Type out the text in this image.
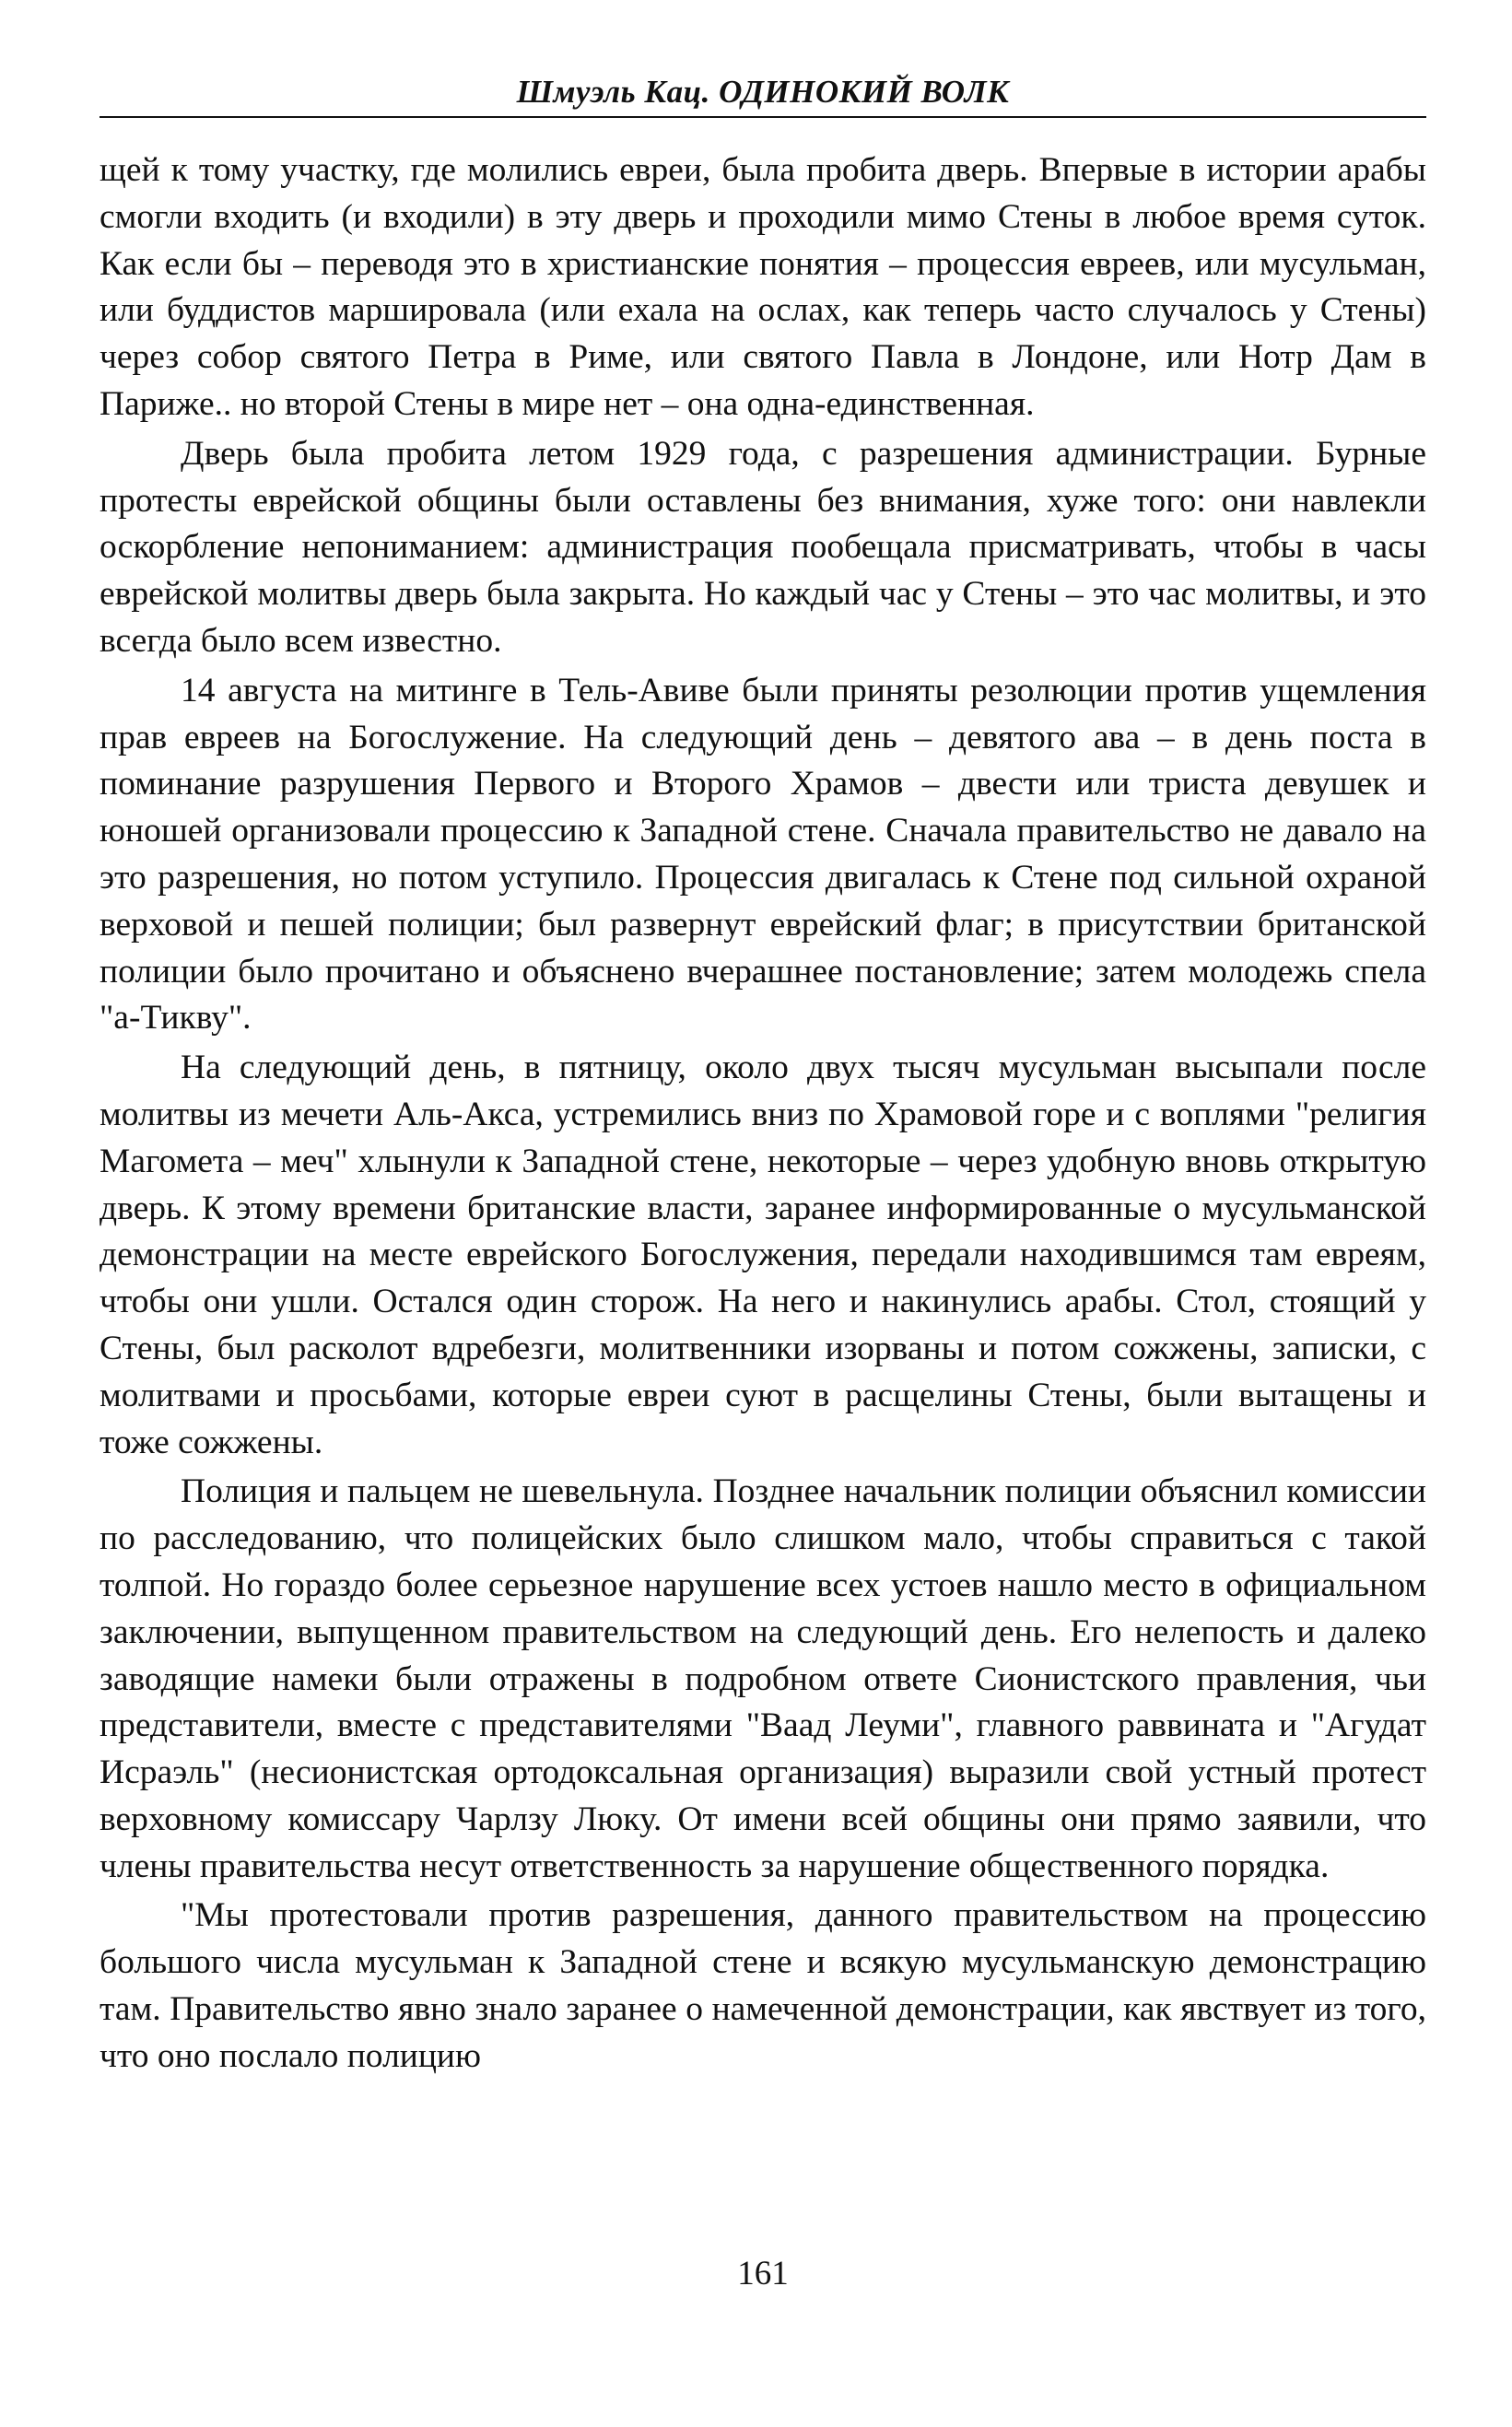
Шмуэль Кац. ОДИНОКИЙ ВОЛК

щей к тому участку, где молились евреи, была пробита дверь. Впервые в истории арабы смогли входить (и входили) в эту дверь и проходили мимо Стены в любое время суток. Как если бы – переводя это в христианские понятия – процессия евреев, или мусульман, или буддистов маршировала (или ехала на ослах, как теперь часто случалось у Стены) через собор святого Петра в Риме, или святого Павла в Лондоне, или Нотр Дам в Париже.. но второй Стены в мире нет – она одна-единственная.

Дверь была пробита летом 1929 года, с разрешения администрации. Бурные протесты еврейской общины были оставлены без внимания, хуже того: они навлекли оскорбление непониманием: администрация пообещала присматривать, чтобы в часы еврейской молитвы дверь была закрыта. Но каждый час у Стены – это час молитвы, и это всегда было всем известно.

14 августа на митинге в Тель-Авиве были приняты резолюции против ущемления прав евреев на Богослужение. На следующий день – девятого ава – в день поста в поминание разрушения Первого и Второго Храмов – двести или триста девушек и юношей организовали процессию к Западной стене. Сначала правительство не давало на это разрешения, но потом уступило. Процессия двигалась к Стене под сильной охраной верховой и пешей полиции; был развернут еврейский флаг; в присутствии британской полиции было прочитано и объяснено вчерашнее постановление; затем молодежь спела "а-Тикву".

На следующий день, в пятницу, около двух тысяч мусульман высыпали после молитвы из мечети Аль-Акса, устремились вниз по Храмовой горе и с воплями "религия Магомета – меч" хлынули к Западной стене, некоторые – через удобную вновь открытую дверь. К этому времени британские власти, заранее информированные о мусульманской демонстрации на месте еврейского Богослужения, передали находившимся там евреям, чтобы они ушли. Остался один сторож. На него и накинулись арабы. Стол, стоящий у Стены, был расколот вдребезги, молитвенники изорваны и потом сожжены, записки, с молитвами и просьбами, которые евреи суют в расщелины Стены, были вытащены и тоже сожжены.

Полиция и пальцем не шевельнула. Позднее начальник полиции объяснил комиссии по расследованию, что полицейских было слишком мало, чтобы справиться с такой толпой. Но гораздо более серьезное нарушение всех устоев нашло место в официальном заключении, выпущенном правительством на следующий день. Его нелепость и далеко заводящие намеки были отражены в подробном ответе Сионистского правления, чьи представители, вместе с представителями "Ваад Леуми", главного раввината и "Агудат Исраэль" (несионистская ортодоксальная организация) выразили свой устный протест верховному комиссару Чарлзу Люку. От имени всей общины они прямо заявили, что члены правительства несут ответственность за нарушение общественного порядка.

"Мы протестовали против разрешения, данного правительством на процессию большого числа мусульман к Западной стене и всякую мусульманскую демонстрацию там. Правительство явно знало заранее о намеченной демонстрации, как явствует из того, что оно послало полицию

161
